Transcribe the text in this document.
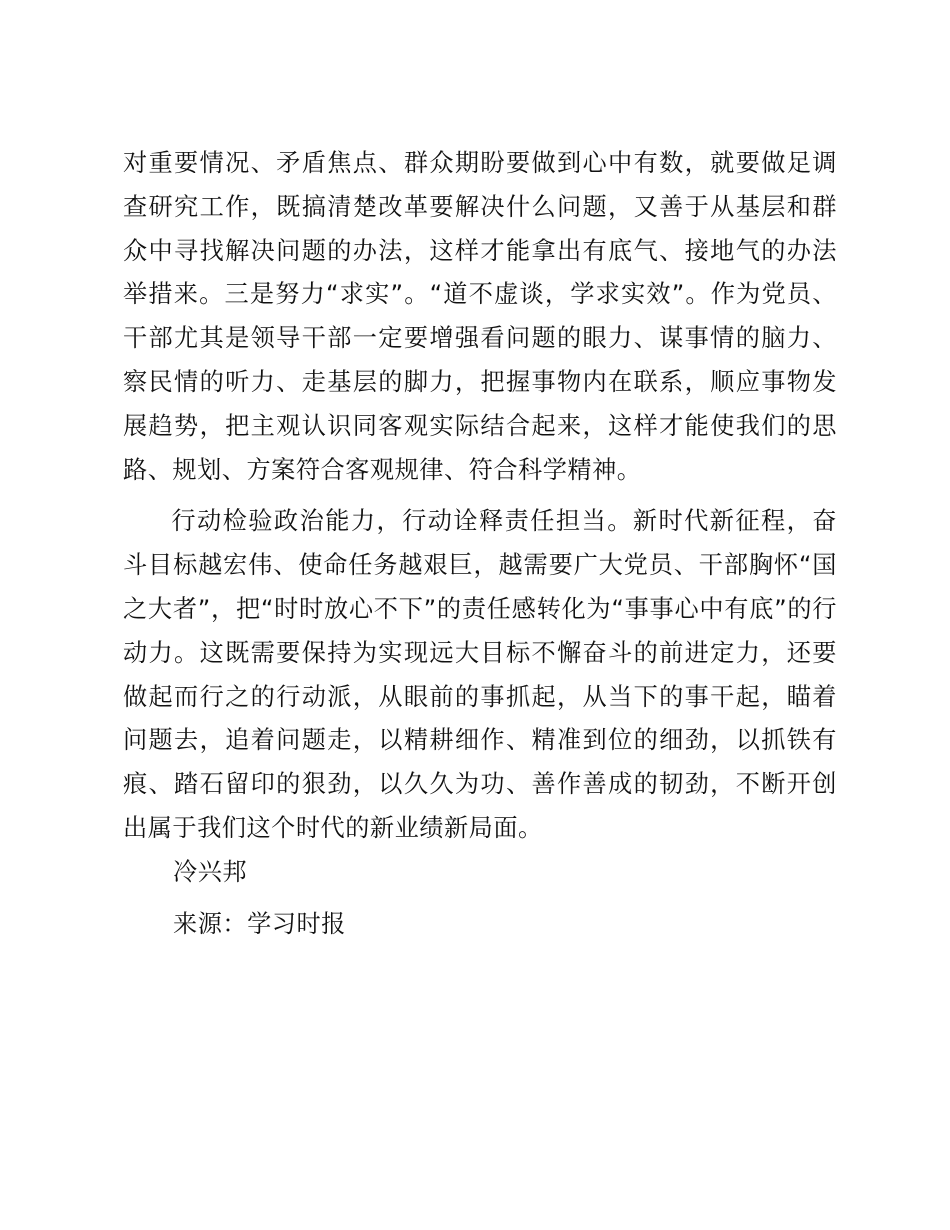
对重要情况、矛盾焦点、群众期盼要做到心中有数，就要做足调查研究工作，既搞清楚改革要解决什么问题，又善于从基层和群众中寻找解决问题的办法，这样才能拿出有底气、接地气的办法举措来。三是努力“求实”。“道不虚谈，学求实效”。作为党员、干部尤其是领导干部一定要增强看问题的眼力、谋事情的脑力、察民情的听力、走基层的脚力，把握事物内在联系，顺应事物发展趋势，把主观认识同客观实际结合起来，这样才能使我们的思路、规划、方案符合客观规律、符合科学精神。

行动检验政治能力，行动诠释责任担当。新时代新征程，奋斗目标越宏伟、使命任务越艰巨，越需要广大党员、干部胸怀“国之大者”，把“时时放心不下”的责任感转化为“事事心中有底”的行动力。这既需要保持为实现远大目标不懈奋斗的前进定力，还要做起而行之的行动派，从眼前的事抓起，从当下的事干起，瞄着问题去，追着问题走，以精耕细作、精准到位的细劲，以抓铁有痕、踏石留印的狠劲，以久久为功、善作善成的韧劲，不断开创出属于我们这个时代的新业绩新局面。

冷兴邦

来源：学习时报
